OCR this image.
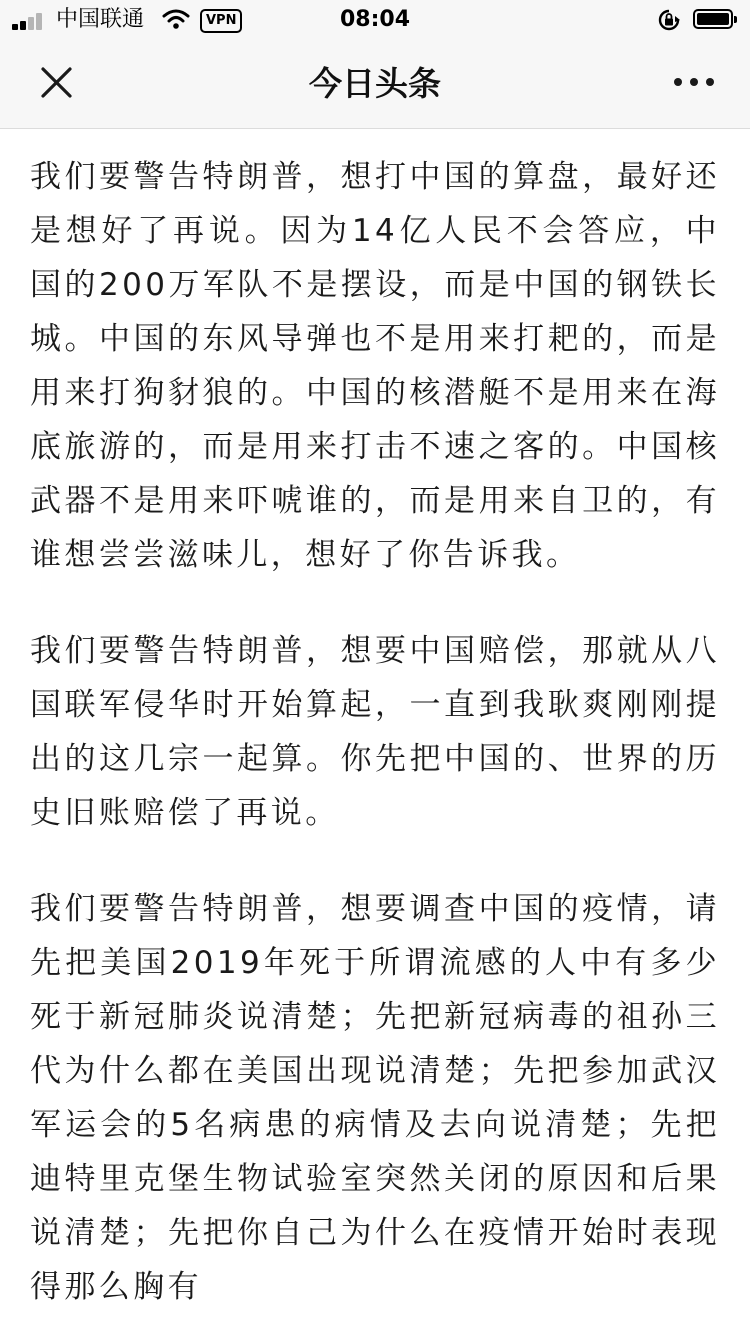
中国联通	VPN	08:04
今日头条

我们要警告特朗普，想打中国的算盘，最好还是想好了再说。因为14亿人民不会答应，中国的200万军队不是摆设，而是中国的钢铁长城。中国的东风导弹也不是用来打耙的，而是用来打狗豺狼的。中国的核潜艇不是用来在海底旅游的，而是用来打击不速之客的。中国核武器不是用来吓唬谁的，而是用来自卫的，有谁想尝尝滋味儿，想好了你告诉我。

我们要警告特朗普，想要中国赔偿，那就从八国联军侵华时开始算起，一直到我耿爽刚刚提出的这几宗一起算。你先把中国的、世界的历史旧账赔偿了再说。

我们要警告特朗普，想要调查中国的疫情，请先把美国2019年死于所谓流感的人中有多少死于新冠肺炎说清楚；先把新冠病毒的祖孙三代为什么都在美国出现说清楚；先把参加武汉军运会的5名病患的病情及去向说清楚；先把迪特里克堡生物试验室突然关闭的原因和后果说清楚；先把你自己为什么在疫情开始时表现得那么胸有
